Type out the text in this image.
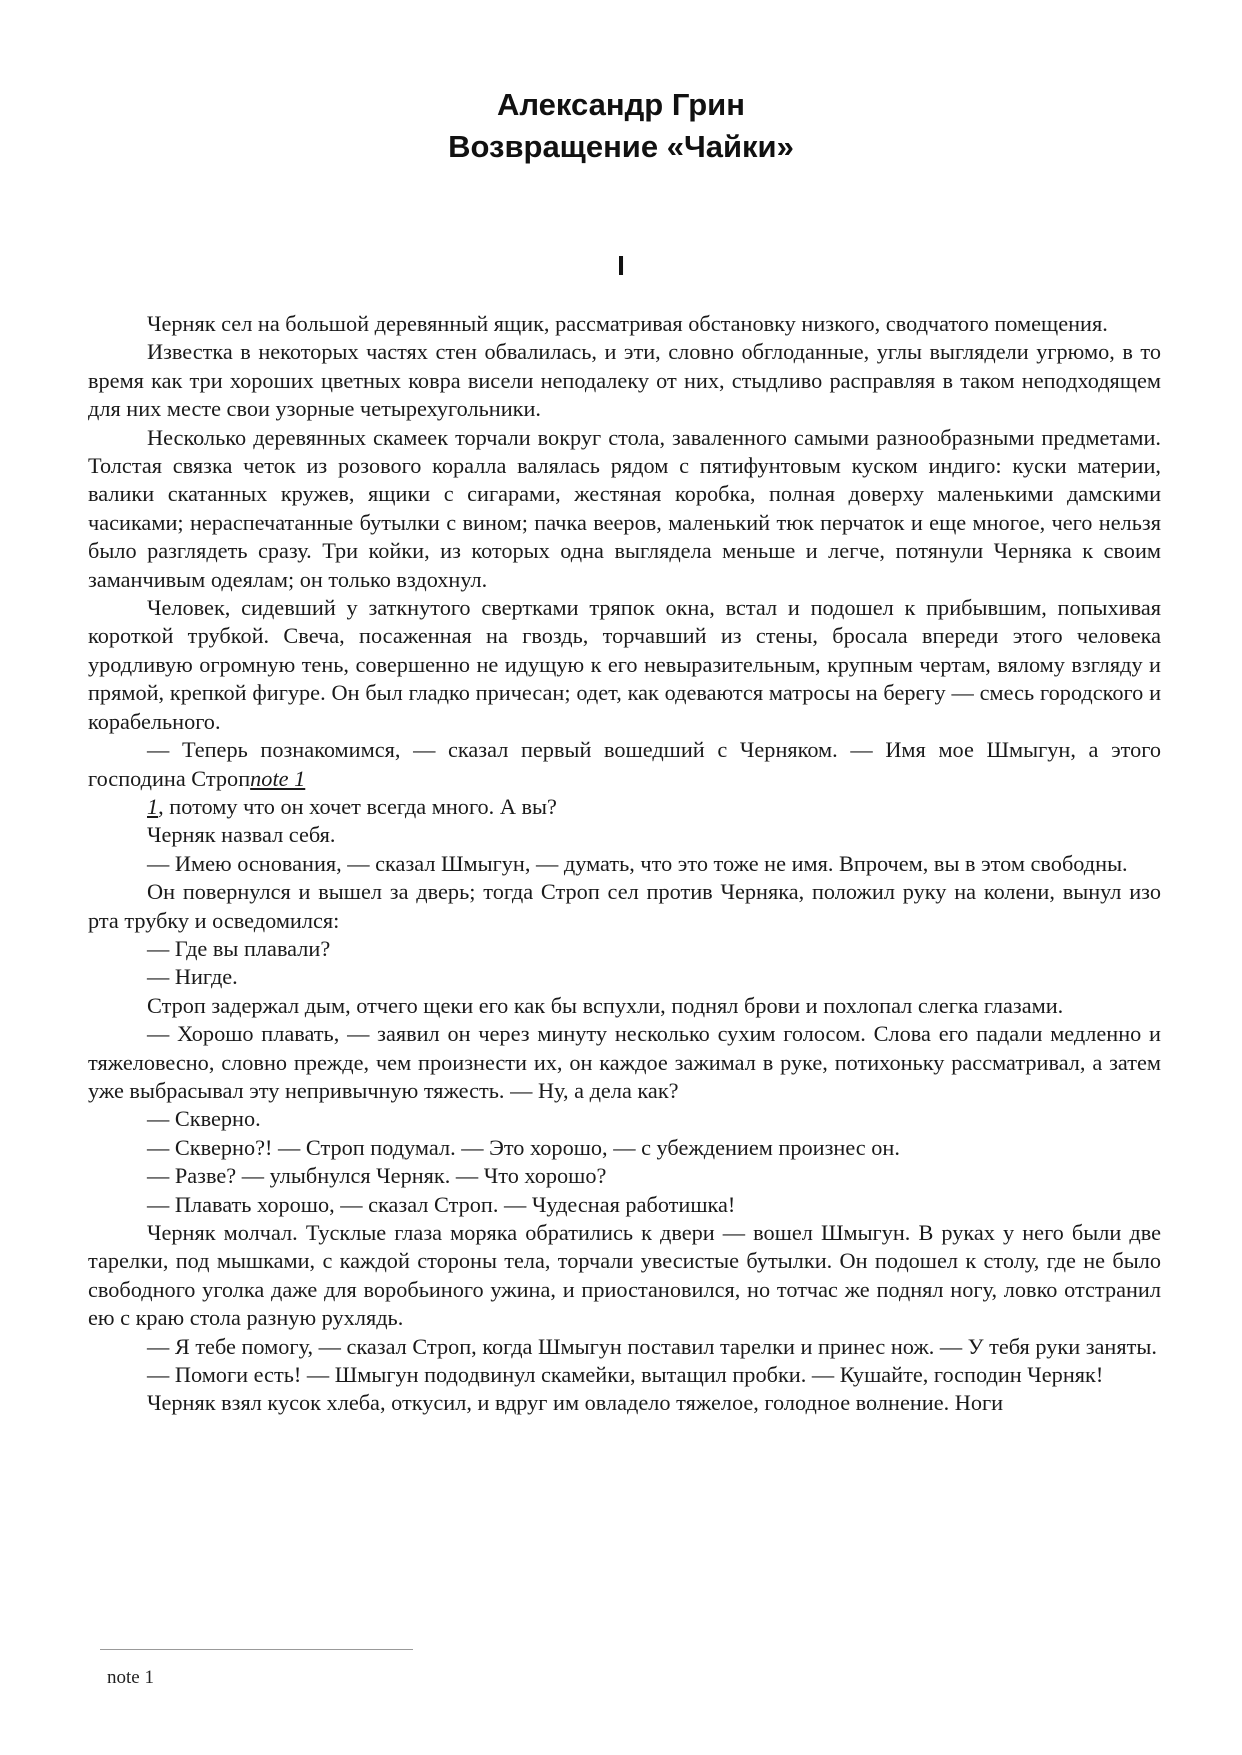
Александр Грин
Возвращение «Чайки»
I

Черняк сел на большой деревянный ящик, рассматривая обстановку низкого, сводчатого помещения.

Известка в некоторых частях стен обвалилась, и эти, словно обглоданные, углы выглядели угрюмо, в то время как три хороших цветных ковра висели неподалеку от них, стыдливо расправляя в таком неподходящем для них месте свои узорные четырехугольники.

Несколько деревянных скамеек торчали вокруг стола, заваленного самыми разнообразными предметами. Толстая связка четок из розового коралла валялась рядом с пятифунтовым куском индиго: куски материи, валики скатанных кружев, ящики с сигарами, жестяная коробка, полная доверху маленькими дамскими часиками; нераспечатанные бутылки с вином; пачка вееров, маленький тюк перчаток и еще многое, чего нельзя было разглядеть сразу. Три койки, из которых одна выглядела меньше и легче, потянули Черняка к своим заманчивым одеялам; он только вздохнул.

Человек, сидевший у заткнутого свертками тряпок окна, встал и подошел к прибывшим, попыхивая короткой трубкой. Свеча, посаженная на гвоздь, торчавший из стены, бросала впереди этого человека уродливую огромную тень, совершенно не идущую к его невыразительным, крупным чертам, вялому взгляду и прямой, крепкой фигуре. Он был гладко причесан; одет, как одеваются матросы на берегу — смесь городского и корабельного.

— Теперь познакомимся, — сказал первый вошедший с Черняком. — Имя мое Шмыгун, а этого господина Стропnote 1

1, потому что он хочет всегда много. А вы?

Черняк назвал себя.

— Имею основания, — сказал Шмыгун, — думать, что это тоже не имя. Впрочем, вы в этом свободны.

Он повернулся и вышел за дверь; тогда Строп сел против Черняка, положил руку на колени, вынул изо рта трубку и осведомился:

— Где вы плавали?

— Нигде.

Строп задержал дым, отчего щеки его как бы вспухли, поднял брови и похлопал слегка глазами.

— Хорошо плавать, — заявил он через минуту несколько сухим голосом. Слова его падали медленно и тяжеловесно, словно прежде, чем произнести их, он каждое зажимал в руке, потихоньку рассматривал, а затем уже выбрасывал эту непривычную тяжесть. — Ну, а дела как?

— Скверно.

— Скверно?! — Строп подумал. — Это хорошо, — с убеждением произнес он.

— Разве? — улыбнулся Черняк. — Что хорошо?

— Плавать хорошо, — сказал Строп. — Чудесная работишка!

Черняк молчал. Тусклые глаза моряка обратились к двери — вошел Шмыгун. В руках у него были две тарелки, под мышками, с каждой стороны тела, торчали увесистые бутылки. Он подошел к столу, где не было свободного уголка даже для воробьиного ужина, и приостановился, но тотчас же поднял ногу, ловко отстранил ею с краю стола разную рухлядь.

— Я тебе помогу, — сказал Строп, когда Шмыгун поставил тарелки и принес нож. — У тебя руки заняты.

— Помоги есть! — Шмыгун пододвинул скамейки, вытащил пробки. — Кушайте, господин Черняк!

Черняк взял кусок хлеба, откусил, и вдруг им овладело тяжелое, голодное волнение. Ноги

note 1
